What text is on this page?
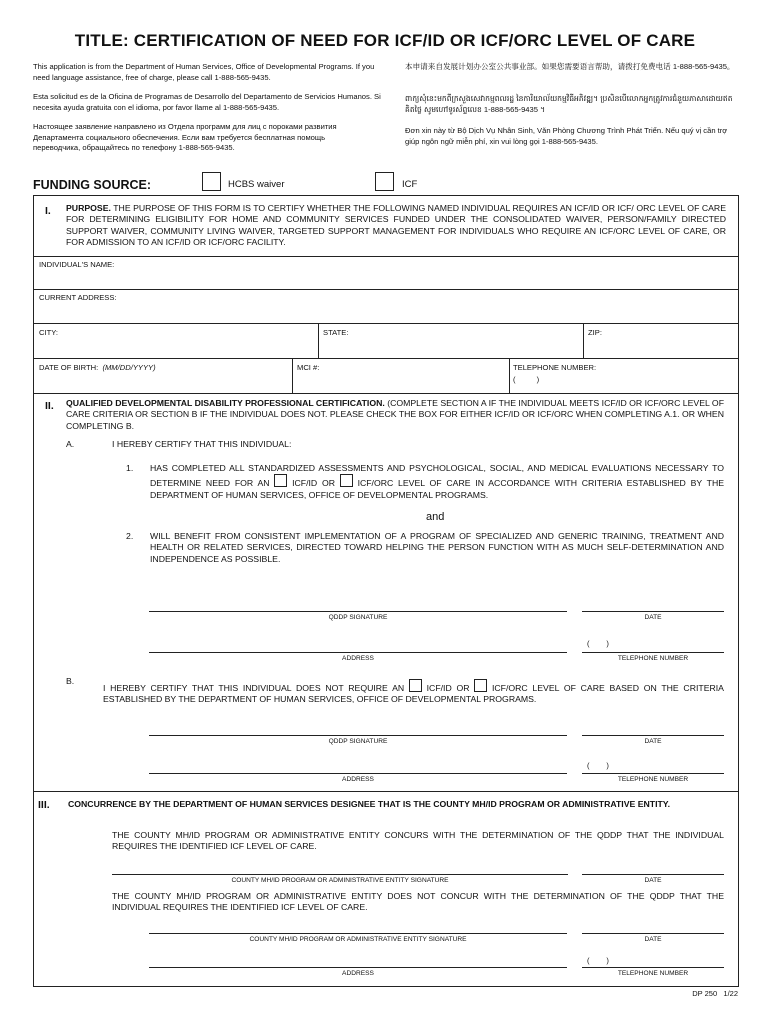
TITLE: CERTIFICATION OF NEED FOR ICF/ID OR ICF/ORC LEVEL OF CARE
This application is from the Department of Human Services, Office of Developmental Programs. If you need language assistance, free of charge, please call 1-888-565-9435.
Esta solicitud es de la Oficina de Programas de Desarrollo del Departamento de Servicios Humanos. Si necesita ayuda gratuita con el idioma, por favor llame al 1-888-565-9435.
Настоящее заявление направлено из Отдела программ для лиц с порoками развития Департамента социального обеспечения. Если вам требуется бесплатная помощь переводчика, обращайтесь по телефону 1-888-565-9435.
本申请来自发展计划办公室公共事业部。如果您需要语言帮助，请拨打免费电话 1-888-565-9435。
ពាក្យសុំនេះមកពីក្រសួងសេវាកម្មពលរដ្ឋ នៃការិយាល័យកម្មវិធីអភិវឌ្ឍ។ ប្រសិនបើលោកអ្នកត្រូវការជំនួយភាសាដោយឥតគិតថ្លៃ សូមហៅទូរស័ព្ទលេខ 1-888-565-9435 ។
Đơn xin này từ Bộ Dịch Vụ Nhân Sinh, Văn Phòng Chương Trình Phát Triển. Nếu quý vị cần trợ giúp ngôn ngữ miễn phí, xin vui lòng gọi 1-888-565-9435.
FUNDING SOURCE:	HCBS waiver	ICF
I. PURPOSE. THE PURPOSE OF THIS FORM IS TO CERTIFY WHETHER THE FOLLOWING NAMED INDIVIDUAL REQUIRES AN ICF/ID OR ICF/ ORC LEVEL OF CARE FOR DETERMINING ELIGIBILITY FOR HOME AND COMMUNITY SERVICES FUNDED UNDER THE CONSOLIDATED WAIVER, PERSON/FAMILY DIRECTED SUPPORT WAIVER, COMMUNITY LIVING WAIVER, TARGETED SUPPORT MANAGEMENT FOR INDIVIDUALS WHO REQUIRE AN ICF/ORC LEVEL OF CARE, OR FOR ADMISSION TO AN ICF/ID OR ICF/ORC FACILITY.
INDIVIDUAL'S NAME:
CURRENT ADDRESS:
CITY:	STATE:	ZIP:
DATE OF BIRTH: (MM/DD/YYYY)	MCI #:	TELEPHONE NUMBER:
(          )
II. QUALIFIED DEVELOPMENTAL DISABILITY PROFESSIONAL CERTIFICATION. (COMPLETE SECTION A IF THE INDIVIDUAL MEETS ICF/ID OR ICF/ORC LEVEL OF CARE CRITERIA OR SECTION B IF THE INDIVIDUAL DOES NOT. PLEASE CHECK THE BOX FOR EITHER ICF/ID OR ICF/ORC WHEN COMPLETING A.1. OR WHEN COMPLETING B.
A.	I HEREBY CERTIFY THAT THIS INDIVIDUAL:
1. HAS COMPLETED ALL STANDARDIZED ASSESSMENTS AND PSYCHOLOGICAL, SOCIAL, AND MEDICAL EVALUATIONS NECESSARY TO DETERMINE NEED FOR AN	ICF/ID OR	ICF/ORC LEVEL OF CARE IN ACCORDANCE WITH CRITERIA ESTABLISHED BY THE DEPARTMENT OF HUMAN SERVICES, OFFICE OF DEVELOPMENTAL PROGRAMS.
and
2. WILL BENEFIT FROM CONSISTENT IMPLEMENTATION OF A PROGRAM OF SPECIALIZED AND GENERIC TRAINING, TREATMENT AND HEALTH OR RELATED SERVICES, DIRECTED TOWARD HELPING THE PERSON FUNCTION WITH AS MUCH SELF-DETERMINATION AND INDEPENDENCE AS POSSIBLE.
QDDP SIGNATURE	DATE
ADDRESS
(        )
TELEPHONE NUMBER
B.
I HEREBY CERTIFY THAT THIS INDIVIDUAL DOES NOT REQUIRE AN	ICF/ID OR	ICF/ORC LEVEL OF CARE BASED ON THE CRITERIA ESTABLISHED BY THE DEPARTMENT OF HUMAN SERVICES, OFFICE OF DEVELOPMENTAL PROGRAMS.
QDDP SIGNATURE	DATE
ADDRESS
(        )
TELEPHONE NUMBER
III. CONCURRENCE BY THE DEPARTMENT OF HUMAN SERVICES DESIGNEE THAT IS THE COUNTY MH/ID PROGRAM OR ADMINISTRATIVE ENTITY.
THE COUNTY MH/ID PROGRAM OR ADMINISTRATIVE ENTITY CONCURS WITH THE DETERMINATION OF THE QDDP THAT THE INDIVIDUAL REQUIRES THE IDENTIFIED ICF LEVEL OF CARE.
COUNTY MH/ID PROGRAM OR ADMINISTRATIVE ENTITY SIGNATURE	DATE
THE COUNTY MH/ID PROGRAM OR ADMINISTRATIVE ENTITY DOES NOT CONCUR WITH THE DETERMINATION OF THE QDDP THAT THE INDIVIDUAL REQUIRES THE IDENTIFIED ICF LEVEL OF CARE.
COUNTY MH/ID PROGRAM OR ADMINISTRATIVE ENTITY SIGNATURE	DATE
ADDRESS
(        )
TELEPHONE NUMBER
DP 250   1/22
